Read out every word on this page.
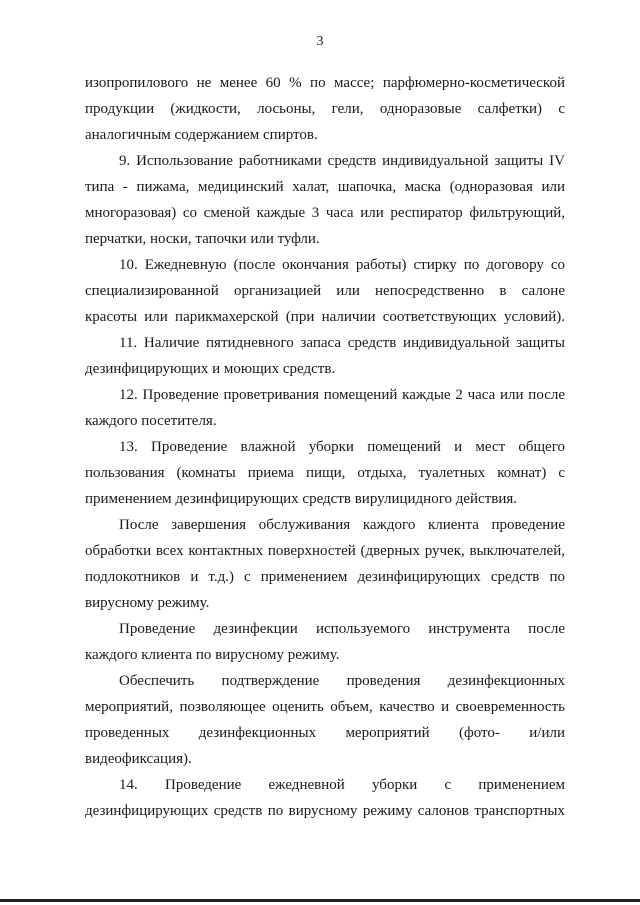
3
изопропилового не менее 60 % по массе; парфюмерно-косметической
продукции (жидкости, лосьоны, гели, одноразовые салфетки) с
аналогичным содержанием спиртов.
9. Использование работниками средств индивидуальной защиты IV
типа - пижама, медицинский халат, шапочка, маска (одноразовая или
многоразовая) со сменой каждые 3 часа или респиратор фильтрующий,
перчатки, носки, тапочки или туфли.
10. Ежедневную (после окончания работы) стирку по договору со
специализированной организацией или непосредственно в салоне
красоты или парикмахерской (при наличии соответствующих условий).
11. Наличие пятидневного запаса средств индивидуальной защиты
дезинфицирующих и моющих средств.
12. Проведение проветривания помещений каждые 2 часа или после
каждого посетителя.
13. Проведение влажной уборки помещений и мест общего
пользования (комнаты приема пищи, отдыха, туалетных комнат) с
применением дезинфицирующих средств вирулицидного действия.
После завершения обслуживания каждого клиента проведение
обработки всех контактных поверхностей (дверных ручек, выключателей,
подлокотников и т.д.) с применением дезинфицирующих средств по
вирусному режиму.
Проведение дезинфекции используемого инструмента после
каждого клиента по вирусному режиму.
Обеспечить подтверждение проведения дезинфекционных
мероприятий, позволяющее оценить объем, качество и своевременность
проведенных дезинфекционных мероприятий (фото- и/или
видеофиксация).
14. Проведение ежедневной уборки с применением
дезинфицирующих средств по вирусному режиму салонов транспортных
